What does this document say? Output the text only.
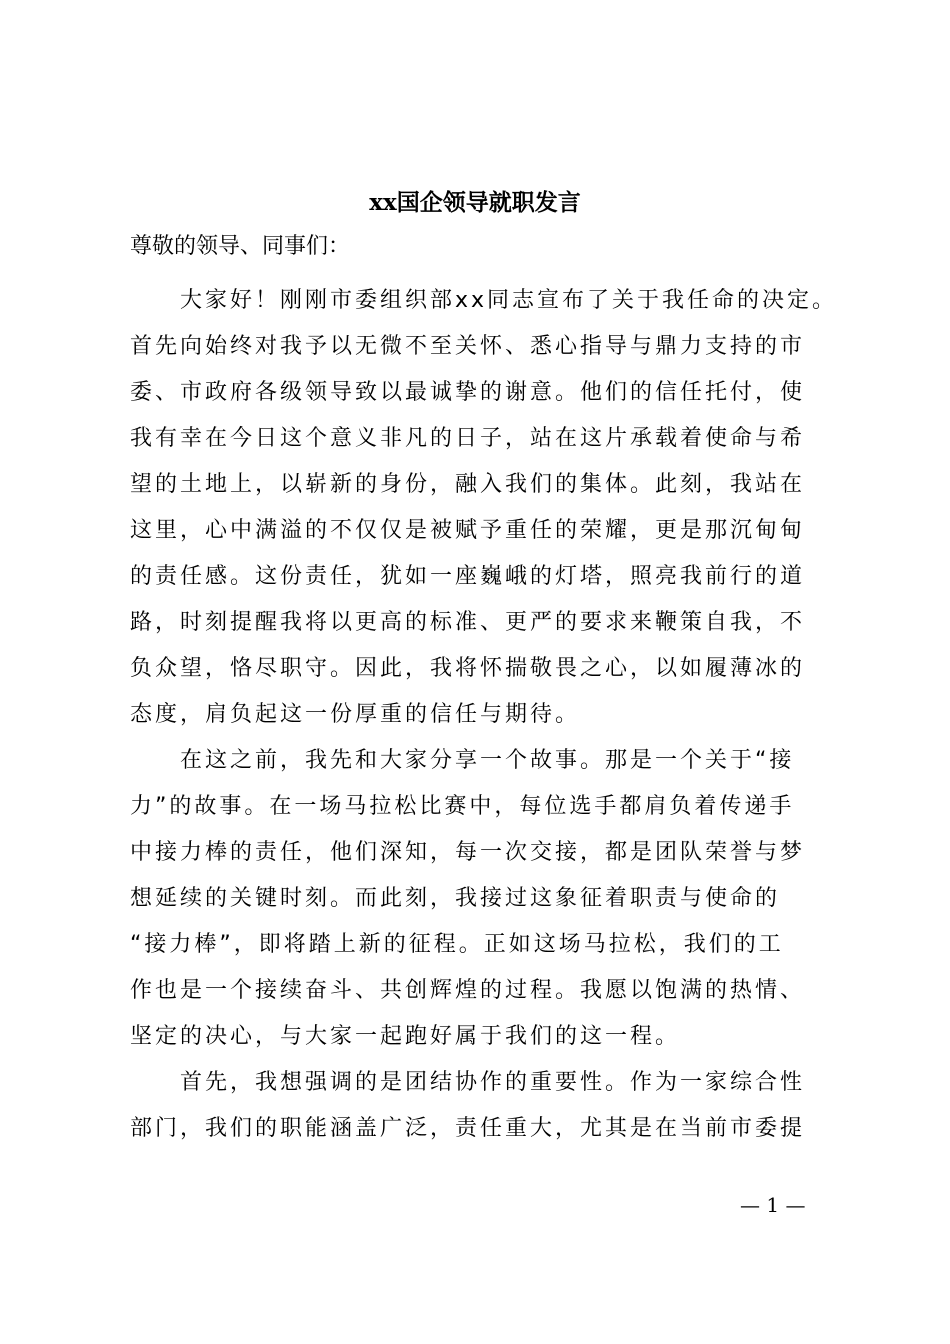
xx国企领导就职发言

尊敬的领导、同事们：

大家好！刚刚市委组织部xx同志宣布了关于我任命的决定。
首先向始终对我予以无微不至关怀、悉心指导与鼎力支持的市
委、市政府各级领导致以最诚挚的谢意。他们的信任托付，使
我有幸在今日这个意义非凡的日子，站在这片承载着使命与希
望的土地上，以崭新的身份，融入我们的集体。此刻，我站在
这里，心中满溢的不仅仅是被赋予重任的荣耀，更是那沉甸甸
的责任感。这份责任，犹如一座巍峨的灯塔，照亮我前行的道
路，时刻提醒我将以更高的标准、更严的要求来鞭策自我，不
负众望，恪尽职守。因此，我将怀揣敬畏之心，以如履薄冰的
态度，肩负起这一份厚重的信任与期待。
在这之前，我先和大家分享一个故事。那是一个关于“接
力”的故事。在一场马拉松比赛中，每位选手都肩负着传递手
中接力棒的责任，他们深知，每一次交接，都是团队荣誉与梦
想延续的关键时刻。而此刻，我接过这象征着职责与使命的
“接力棒”，即将踏上新的征程。正如这场马拉松，我们的工
作也是一个接续奋斗、共创辉煌的过程。我愿以饱满的热情、
坚定的决心，与大家一起跑好属于我们的这一程。
首先，我想强调的是团结协作的重要性。作为一家综合性
部门，我们的职能涵盖广泛，责任重大，尤其是在当前市委提
— 1 —
